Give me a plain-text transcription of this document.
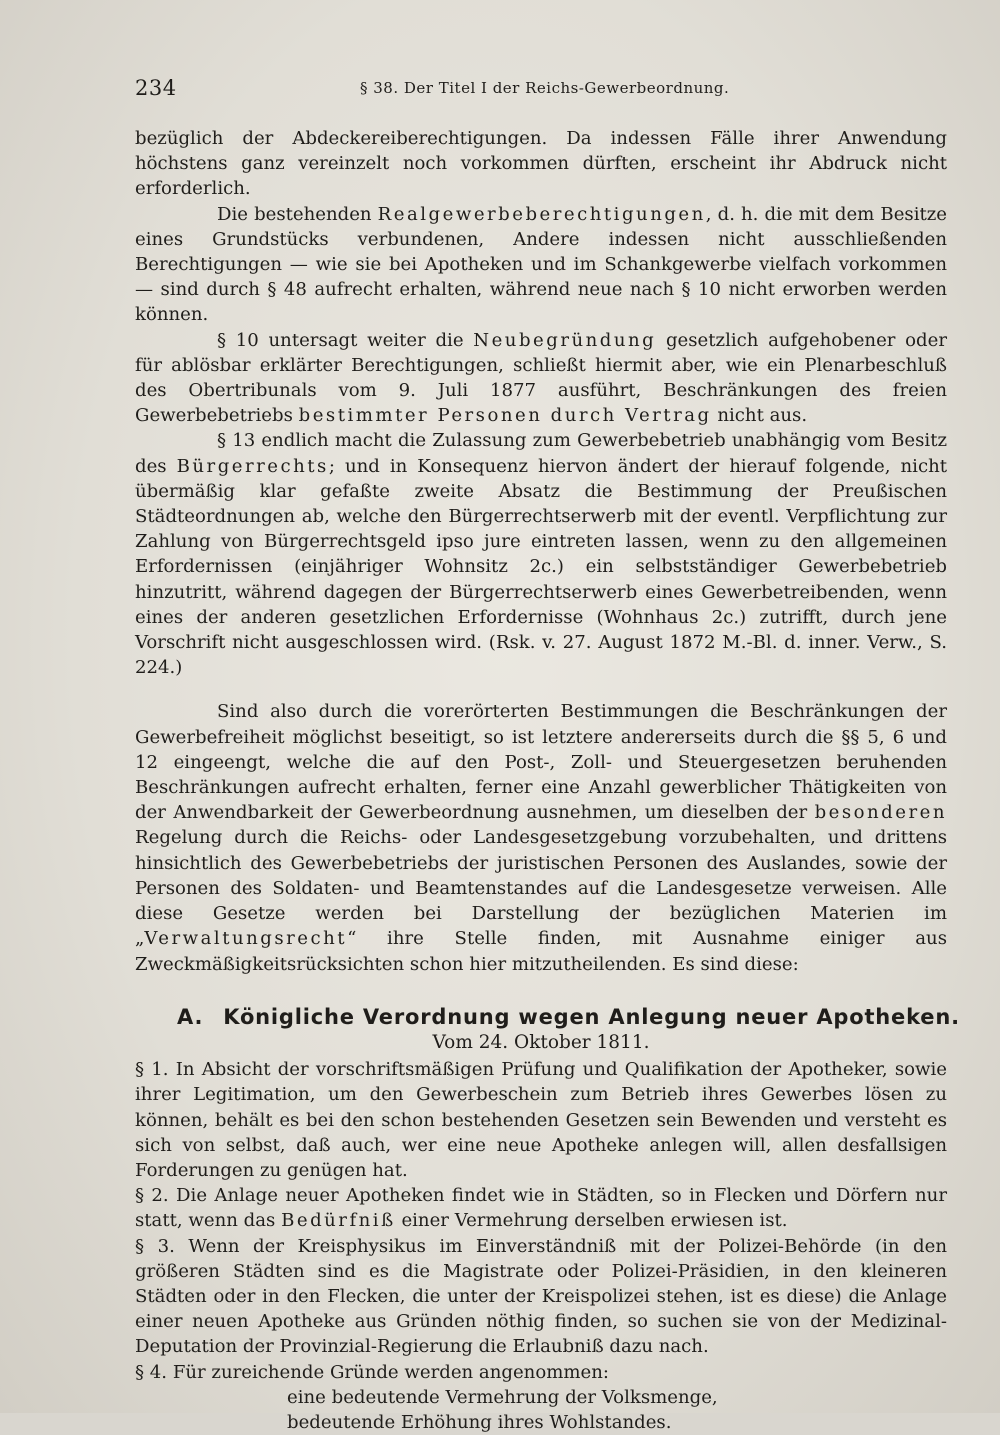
234	§ 38. Der Titel I der Reichs-Gewerbeordnung.

bezüglich der Abdeckereiberechtigungen. Da indessen Fälle ihrer Anwendung höchstens ganz vereinzelt noch vorkommen dürften, erscheint ihr Abdruck nicht erforderlich.

Die bestehenden Realgewerbeberechtigungen, d. h. die mit dem Besitze eines Grundstücks verbundenen, Andere indessen nicht ausschließenden Berechtigungen — wie sie bei Apotheken und im Schankgewerbe vielfach vorkommen — sind durch § 48 aufrecht erhalten, während neue nach § 10 nicht erworben werden können.

§ 10 untersagt weiter die Neubegründung gesetzlich aufgehobener oder für ablösbar erklärter Berechtigungen, schließt hiermit aber, wie ein Plenarbeschluß des Obertribunals vom 9. Juli 1877 ausführt, Beschränkungen des freien Gewerbebetriebs bestimmter Personen durch Vertrag nicht aus.

§ 13 endlich macht die Zulassung zum Gewerbebetrieb unabhängig vom Besitz des Bürgerrechts; und in Konsequenz hiervon ändert der hierauf folgende, nicht übermäßig klar gefaßte zweite Absatz die Bestimmung der Preußischen Städteordnungen ab, welche den Bürgerrechtserwerb mit der eventl. Verpflichtung zur Zahlung von Bürgerrechtsgeld ipso jure eintreten lassen, wenn zu den allgemeinen Erfordernissen (einjähriger Wohnsitz 2c.) ein selbstständiger Gewerbebetrieb hinzutritt, während dagegen der Bürgerrechtserwerb eines Gewerbetreibenden, wenn eines der anderen gesetzlichen Erfordernisse (Wohnhaus 2c.) zutrifft, durch jene Vorschrift nicht ausgeschlossen wird. (Rsk. v. 27. August 1872 M.-Bl. d. inner. Verw., S. 224.)

Sind also durch die vorerörterten Bestimmungen die Beschränkungen der Gewerbefreiheit möglichst beseitigt, so ist letztere andererseits durch die §§ 5, 6 und 12 eingeengt, welche die auf den Post-, Zoll- und Steuergesetzen beruhenden Beschränkungen aufrecht erhalten, ferner eine Anzahl gewerblicher Thätigkeiten von der Anwendbarkeit der Gewerbeordnung ausnehmen, um dieselben der besonderen Regelung durch die Reichs- oder Landesgesetzgebung vorzubehalten, und drittens hinsichtlich des Gewerbebetriebs der juristischen Personen des Auslandes, sowie der Personen des Soldaten- und Beamtenstandes auf die Landesgesetze verweisen. Alle diese Gesetze werden bei Darstellung der bezüglichen Materien im „Verwaltungsrecht“ ihre Stelle finden, mit Ausnahme einiger aus Zweckmäßigkeitsrücksichten schon hier mitzutheilenden. Es sind diese:

A. Königliche Verordnung wegen Anlegung neuer Apotheken.
Vom 24. Oktober 1811.

§ 1. In Absicht der vorschriftsmäßigen Prüfung und Qualifikation der Apotheker, sowie ihrer Legitimation, um den Gewerbeschein zum Betrieb ihres Gewerbes lösen zu können, behält es bei den schon bestehenden Gesetzen sein Bewenden und versteht es sich von selbst, daß auch, wer eine neue Apotheke anlegen will, allen desfallsigen Forderungen zu genügen hat.

§ 2. Die Anlage neuer Apotheken findet wie in Städten, so in Flecken und Dörfern nur statt, wenn das Bedürfniß einer Vermehrung derselben erwiesen ist.

§ 3. Wenn der Kreisphysikus im Einverständniß mit der Polizei-Behörde (in den größeren Städten sind es die Magistrate oder Polizei-Präsidien, in den kleineren Städten oder in den Flecken, die unter der Kreispolizei stehen, ist es diese) die Anlage einer neuen Apotheke aus Gründen nöthig finden, so suchen sie von der Medizinal-Deputation der Provinzial-Regierung die Erlaubniß dazu nach.

§ 4. Für zureichende Gründe werden angenommen:

eine bedeutende Vermehrung der Volksmenge,

bedeutende Erhöhung ihres Wohlstandes.
